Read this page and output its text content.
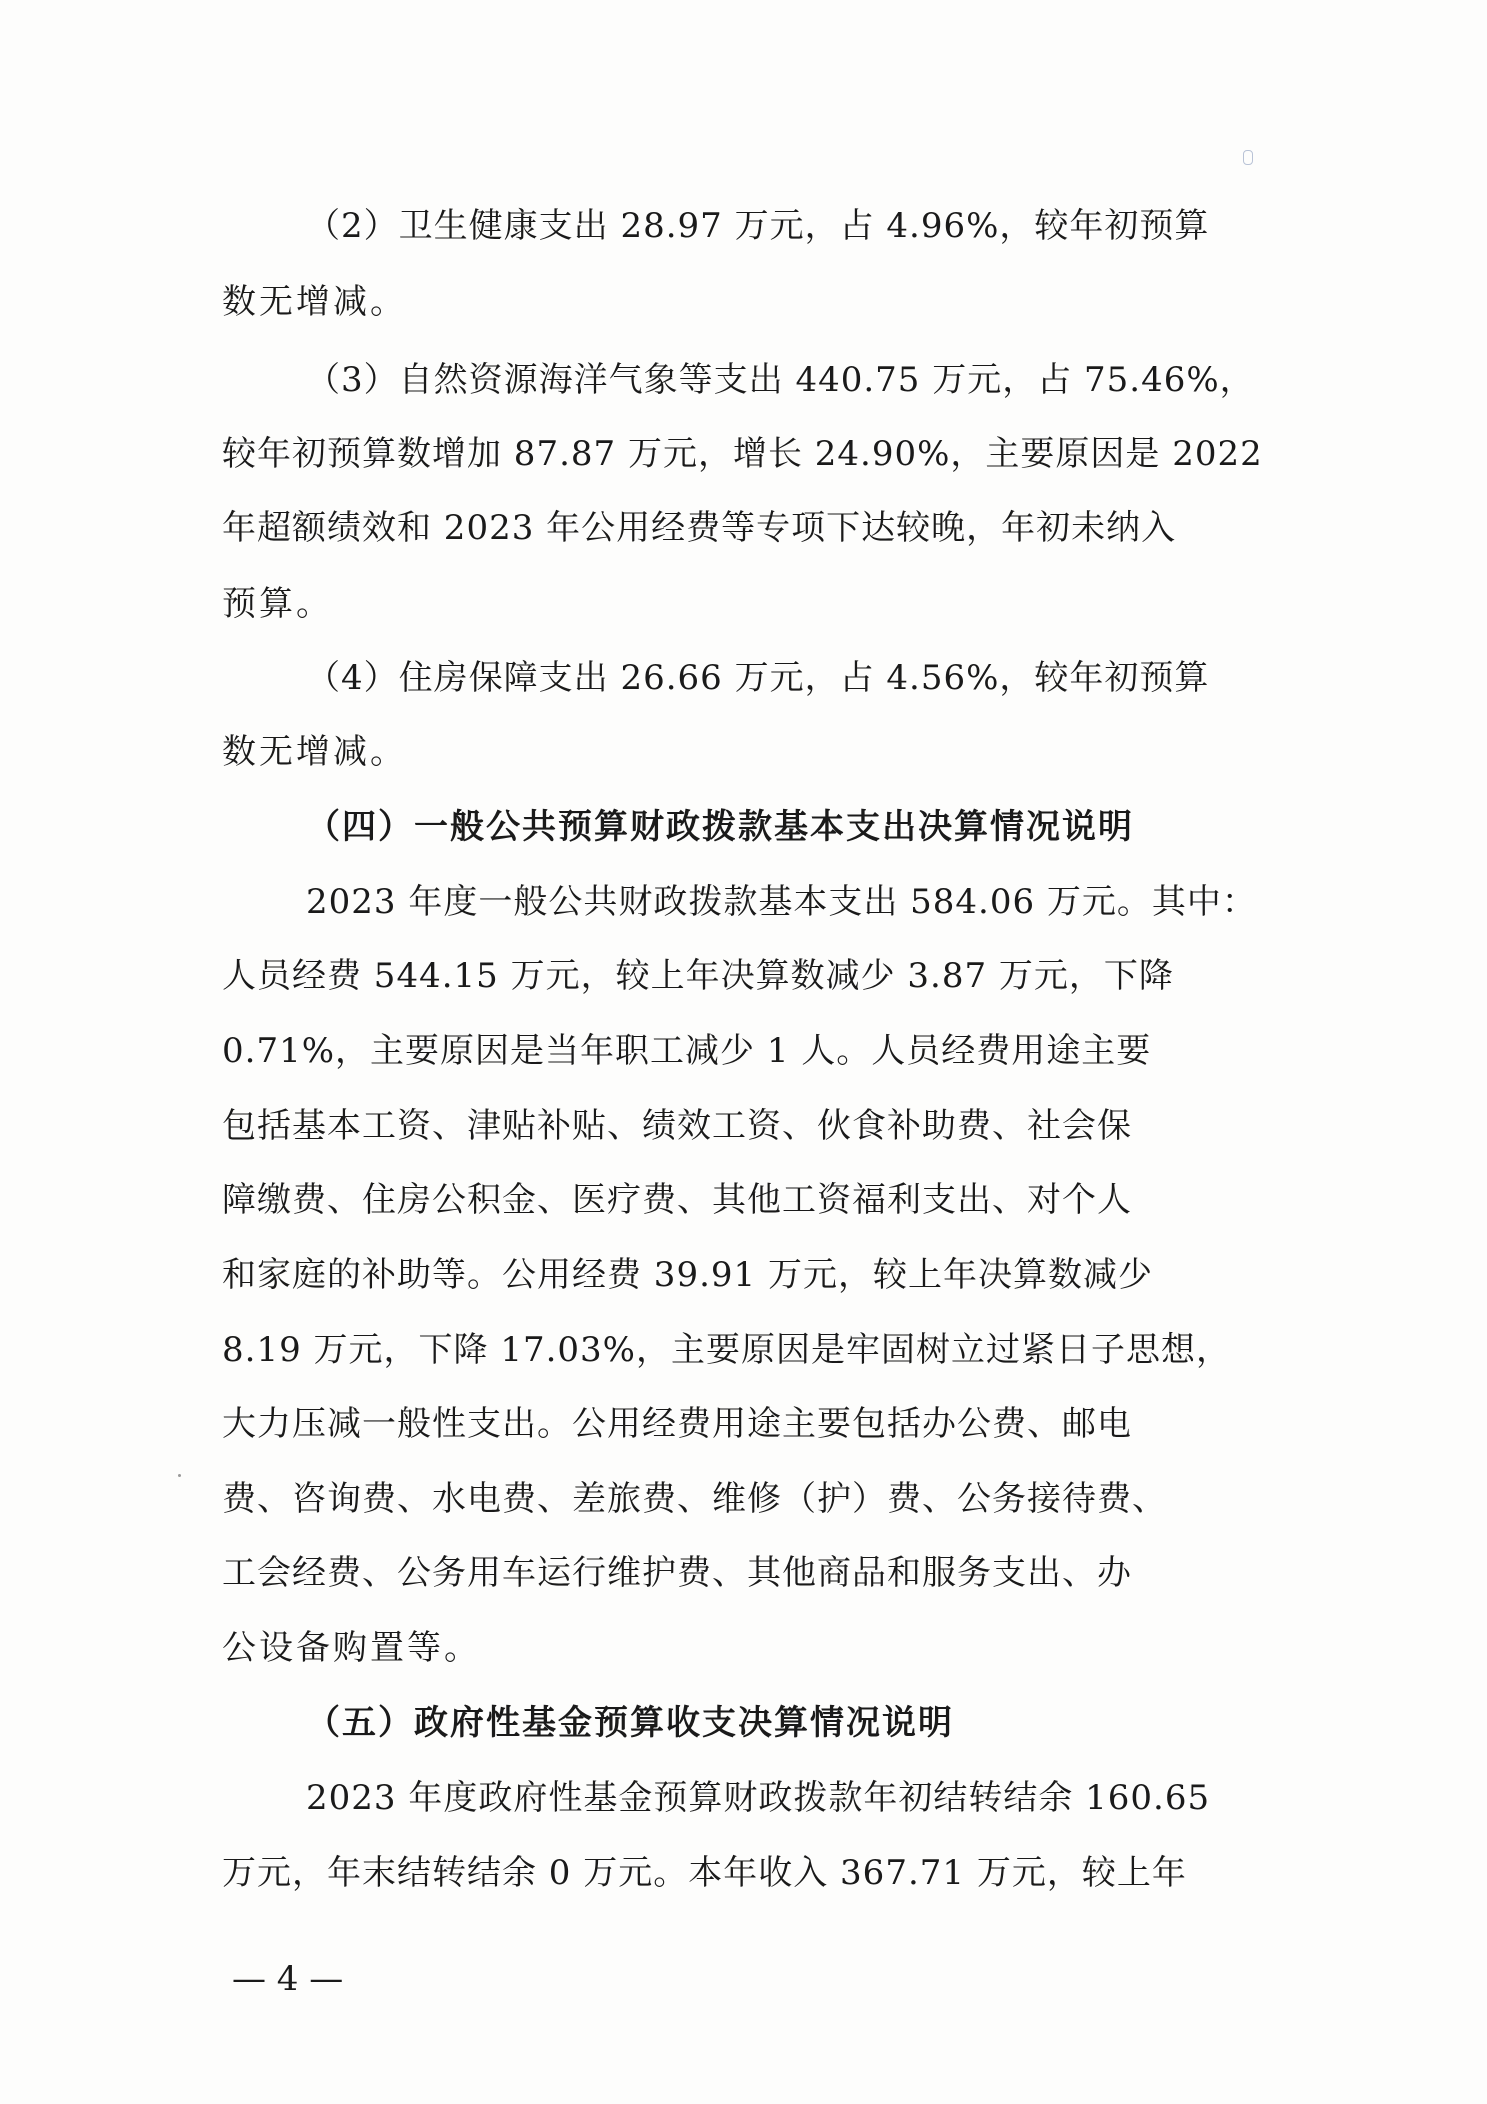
（2）卫生健康支出 28.97 万元，占 4.96%，较年初预算
数无增减。
（3）自然资源海洋气象等支出 440.75 万元，占 75.46%，
较年初预算数增加 87.87 万元，增长 24.90%，主要原因是 2022
年超额绩效和 2023 年公用经费等专项下达较晚，年初未纳入
预算。
（4）住房保障支出 26.66 万元，占 4.56%，较年初预算
数无增减。
（四）一般公共预算财政拨款基本支出决算情况说明
2023 年度一般公共财政拨款基本支出 584.06 万元。其中：
人员经费 544.15 万元，较上年决算数减少 3.87 万元，下降
0.71%，主要原因是当年职工减少 1 人。人员经费用途主要
包括基本工资、津贴补贴、绩效工资、伙食补助费、社会保
障缴费、住房公积金、医疗费、其他工资福利支出、对个人
和家庭的补助等。公用经费 39.91 万元，较上年决算数减少
8.19 万元，下降 17.03%，主要原因是牢固树立过紧日子思想，
大力压减一般性支出。公用经费用途主要包括办公费、邮电
费、咨询费、水电费、差旅费、维修（护）费、公务接待费、
工会经费、公务用车运行维护费、其他商品和服务支出、办
公设备购置等。
（五）政府性基金预算收支决算情况说明
2023 年度政府性基金预算财政拨款年初结转结余 160.65
万元，年末结转结余 0 万元。本年收入 367.71 万元，较上年
— 4 —
